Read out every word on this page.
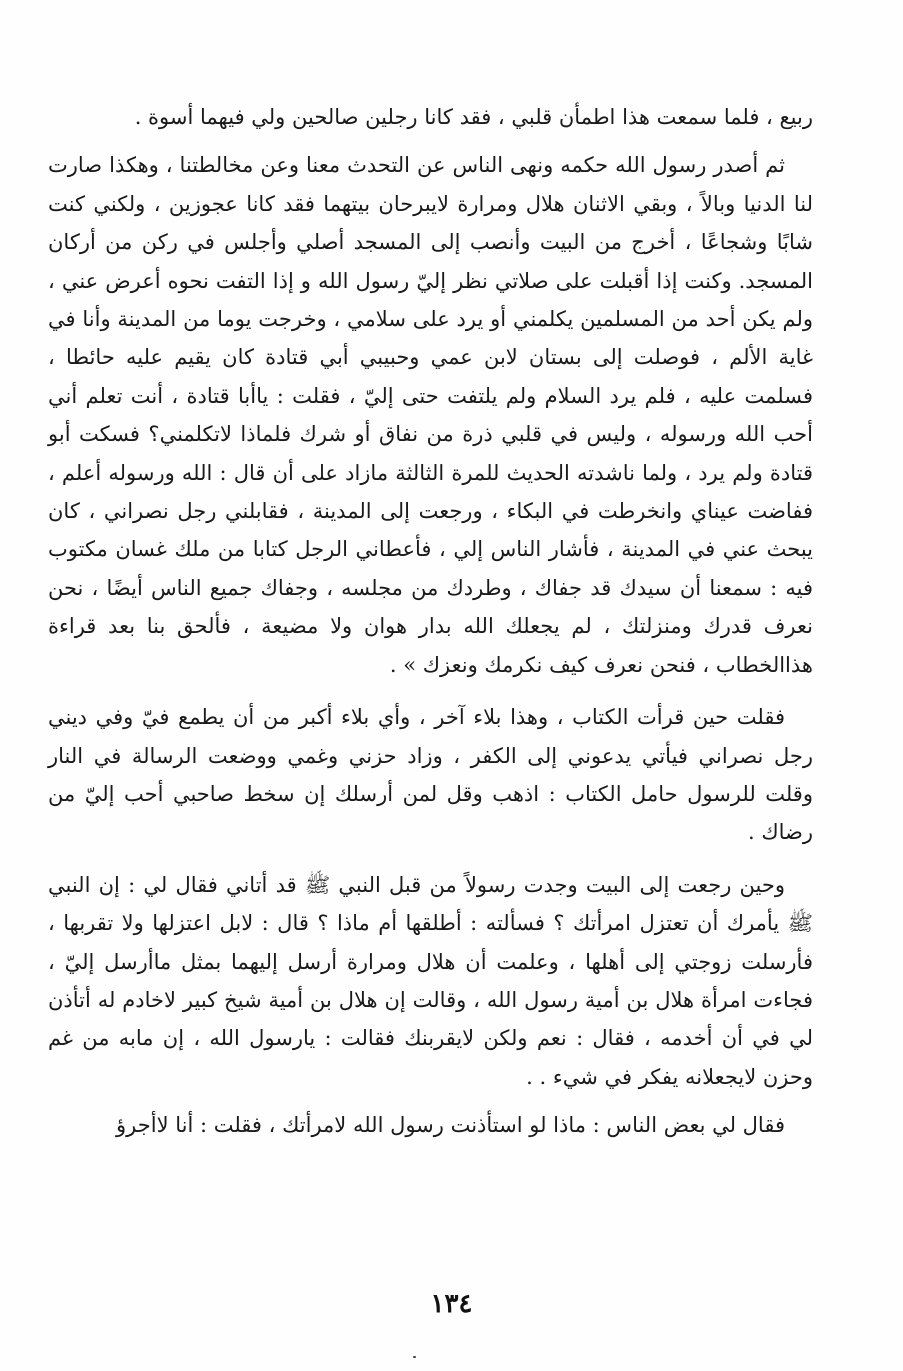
ربيع ، فلما سمعت هذا اطمأن قلبي ، فقد كانا رجلين صالحين ولي فيهما أسوة .

ثم أصدر رسول الله حكمه ونهى الناس عن التحدث معنا وعن مخالطتنا ، وهكذا صارت لنا الدنيا وبالاً ، وبقي الاثنان هلال ومرارة لايبرحان بيتهما فقد كانا عجوزين ، ولكني كنت شابًا وشجاعًا ، أخرج من البيت وأنصب إلى المسجد أصلي وأجلس في ركن من أركان المسجد. وكنت إذا أقبلت على صلاتي نظر إليّ رسول الله و إذا التفت نحوه أعرض عني ، ولم يكن أحد من المسلمين يكلمني أو يرد على سلامي ، وخرجت يوما من المدينة وأنا في غاية الألم ، فوصلت إلى بستان لابن عمي وحبيبي أبي قتادة كان يقيم عليه حائطا ، فسلمت عليه ، فلم يرد السلام ولم يلتفت حتى إليّ ، فقلت : ياأبا قتادة ، أنت تعلم أني أحب الله ورسوله ، وليس في قلبي ذرة من نفاق أو شرك فلماذا لاتكلمني؟ فسكت أبو قتادة ولم يرد ، ولما ناشدته الحديث للمرة الثالثة مازاد على أن قال : الله ورسوله أعلم ، ففاضت عيناي وانخرطت في البكاء ، ورجعت إلى المدينة ، فقابلني رجل نصراني ، كان يبحث عني في المدينة ، فأشار الناس إلي ، فأعطاني الرجل كتابا من ملك غسان مكتوب فيه : سمعنا أن سيدك قد جفاك ، وطردك من مجلسه ، وجفاك جميع الناس أيضًا ، نحن نعرف قدرك ومنزلتك ، لم يجعلك الله بدار هوان ولا مضيعة ، فألحق بنا بعد قراءة هذاالخطاب ، فنحن نعرف كيف نكرمك ونعزك » .

فقلت حين قرأت الكتاب ، وهذا بلاء آخر ، وأي بلاء أكبر من أن يطمع فيّ وفي ديني رجل نصراني فيأتي يدعوني إلى الكفر ، وزاد حزني وغمي ووضعت الرسالة في النار وقلت للرسول حامل الكتاب : اذهب وقل لمن أرسلك إن سخط صاحبي أحب إليّ من رضاك .

وحين رجعت إلى البيت وجدت رسولاً من قبل النبي ﷺ قد أتاني فقال لي : إن النبي ﷺ يأمرك أن تعتزل امرأتك ؟ فسألته : أطلقها أم ماذا ؟ قال : لابل اعتزلها ولا تقربها ، فأرسلت زوجتي إلى أهلها ، وعلمت أن هلال ومرارة أرسل إليهما بمثل ماأرسل إليّ ، فجاءت امرأة هلال بن أمية رسول الله ، وقالت إن هلال بن أمية شيخ كبير لاخادم له أتأذن لي في أن أخدمه ، فقال : نعم ولكن لايقربنك فقالت : يارسول الله ، إن مابه من غم وحزن لايجعلانه يفكر في شيء . .

فقال لي بعض الناس : ماذا لو استأذنت رسول الله لامرأتك ، فقلت : أنا لاأجرؤ

١٣٤
